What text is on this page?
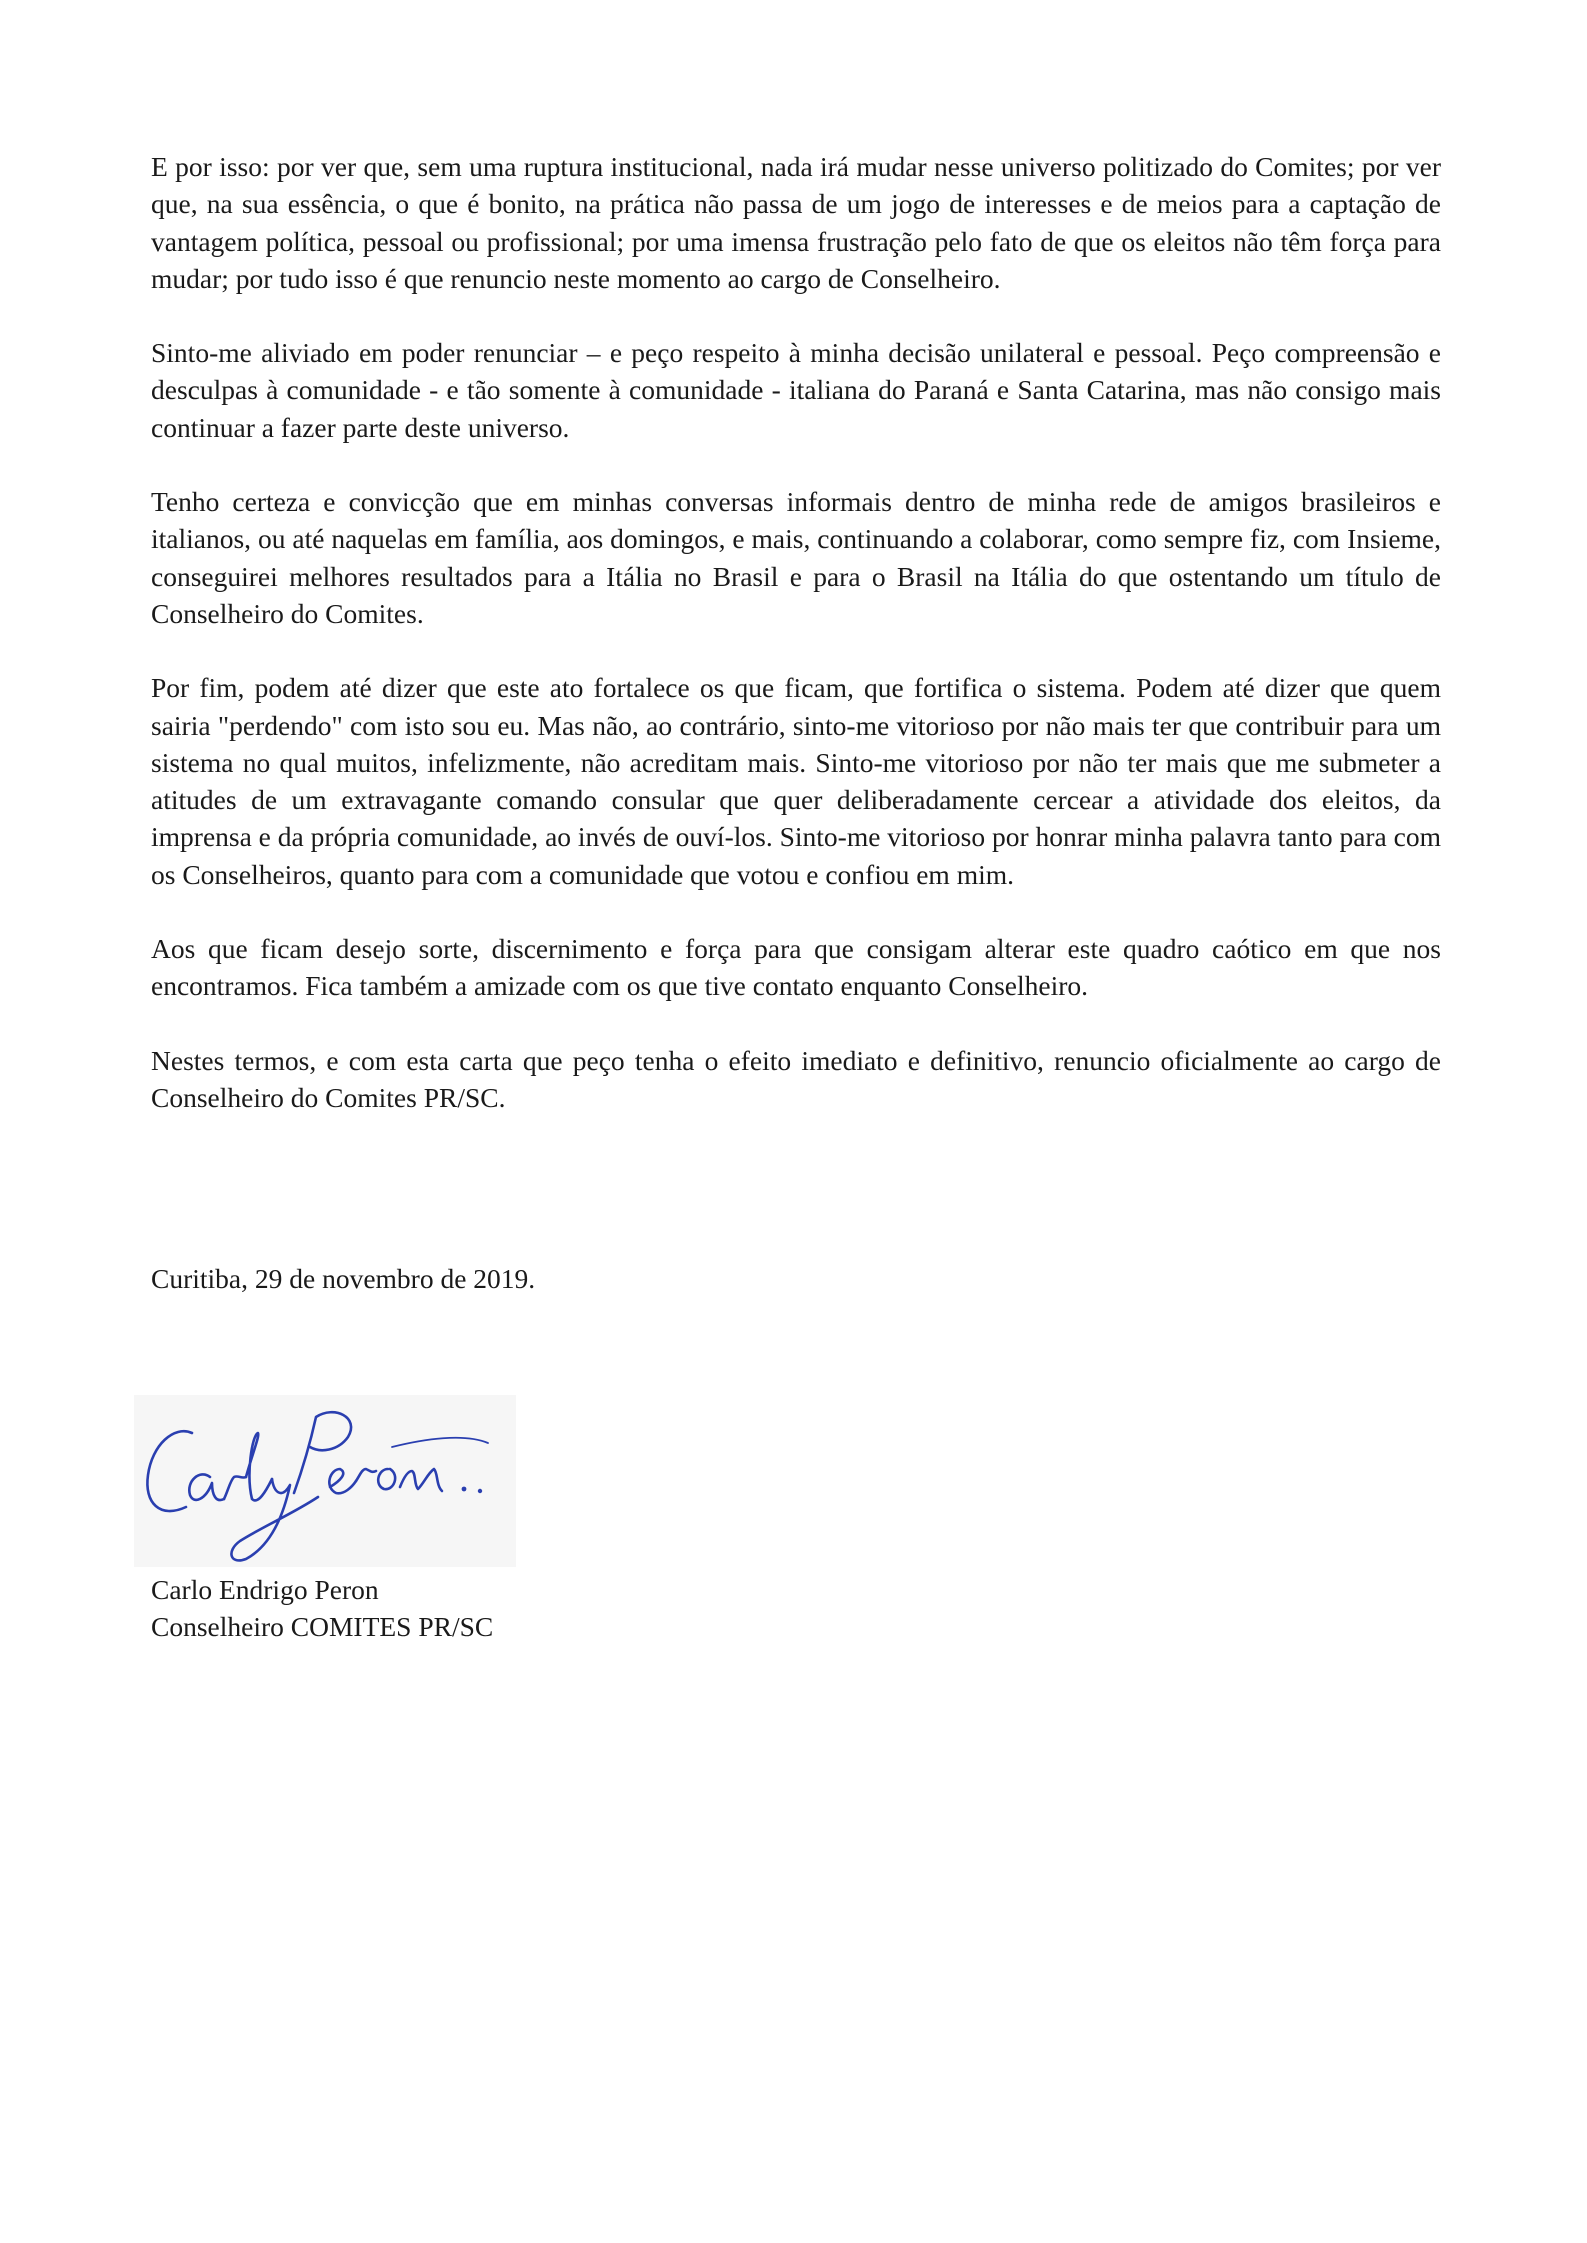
E por isso: por ver que, sem uma ruptura institucional, nada irá mudar nesse universo politizado do Comites; por ver que, na sua essência, o que é bonito, na prática não passa de um jogo de interesses e de meios para a captação de vantagem política, pessoal ou profissional; por uma imensa frustração pelo fato de que os eleitos não têm força para mudar; por tudo isso é que renuncio neste momento ao cargo de Conselheiro.

Sinto-me aliviado em poder renunciar – e peço respeito à minha decisão unilateral e pessoal. Peço compreensão e desculpas à comunidade - e tão somente à comunidade - italiana do Paraná e Santa Catarina, mas não consigo mais continuar a fazer parte deste universo.

Tenho certeza e convicção que em minhas conversas informais dentro de minha rede de amigos brasileiros e italianos, ou até naquelas em família, aos domingos, e mais, continuando a colaborar, como sempre fiz, com Insieme, conseguirei melhores resultados para a Itália no Brasil e para o Brasil na Itália do que ostentando um título de Conselheiro do Comites.

Por fim, podem até dizer que este ato fortalece os que ficam, que fortifica o sistema. Podem até dizer que quem sairia "perdendo" com isto sou eu. Mas não, ao contrário, sinto-me vitorioso por não mais ter que contribuir para um sistema no qual muitos, infelizmente, não acreditam mais. Sinto-me vitorioso por não ter mais que me submeter a atitudes de um extravagante comando consular que quer deliberadamente cercear a atividade dos eleitos, da imprensa e da própria comunidade, ao invés de ouví-los. Sinto-me vitorioso por honrar minha palavra tanto para com os Conselheiros, quanto para com a comunidade que votou e confiou em mim.

Aos que ficam desejo sorte, discernimento e força para que consigam alterar este quadro caótico em que nos encontramos. Fica também a amizade com os que tive contato enquanto Conselheiro.

Nestes termos, e com esta carta que peço tenha o efeito imediato e definitivo, renuncio oficialmente ao cargo de Conselheiro do Comites PR/SC.

Curitiba, 29 de novembro de 2019.

Carlo Endrigo Peron
Conselheiro COMITES PR/SC
